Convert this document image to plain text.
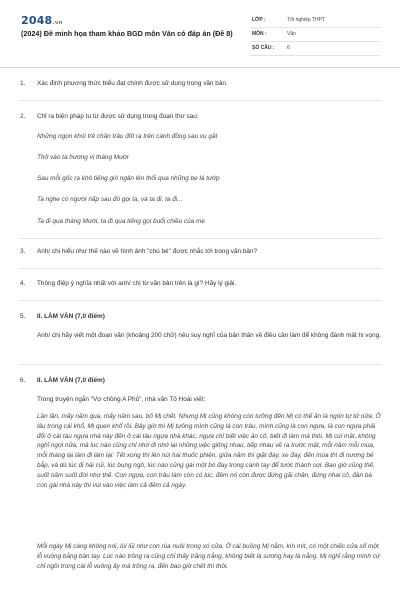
2048.vn
(2024) Đề minh họa tham khảo BGD môn Văn có đáp án (Đề 8)
LỚP :	Tốt nghiệp THPT
MÔN :	Văn
SỐ CÂU :	6
1.	Xác định phương thức biểu đạt chính được sử dụng trong văn bản.
2.	Chỉ ra biện pháp tu từ được sử dụng trong đoạn thơ sau:
Những ngọn khói trẻ chăn trâu đốt rạ trên cánh đồng sau vụ gặt
Thở vào ta hương vị tháng Mười
Sau mỗi gốc rạ khô tiếng gió ngân lên thổi qua những bẹ lá tướp
Ta nghe có người nấp sau đó gọi ta, và ta đi, ta đi...
Ta đi qua tháng Mười, ta đi qua tiếng gọi buổi chiều của mẹ
3.	Anh/ chị hiểu như thế nào về hình ảnh "chú bé" được nhắc tới trong văn bản?
4.	Thông điệp ý nghĩa nhất với anh/ chị từ văn bản trên là gì? Hãy lý giải.
5.	II. LÀM VĂN (7,0 điểm)
Anh/ chị hãy viết một đoạn văn (khoảng 200 chữ) nêu suy nghĩ của bản thân về điều cần làm để không đánh mất hi vọng.
6.	II. LÀM VĂN (7,0 điểm)
Trong truyện ngắn "Vợ chồng A Phủ", nhà văn Tô Hoài viết:
Lần lần, mấy năm qua, mấy năm sau, bố Mị chết. Nhưng Mị cũng không còn tưởng đến Mị có thể ăn lá ngón tự tử nữa. Ở lâu trong cái khổ, Mị quen khổ rồi. Bây giờ thì Mị tưởng mình cũng là con trâu, mình cũng là con ngựa, là con ngựa phải đổi ở cái tàu ngựa nhà này đến ở cái tàu ngựa nhà khác, ngựa chỉ biết việc ăn cỏ, biết đi làm mà thôi. Mị cúi mặt, không nghĩ ngợi nữa, mà lúc nào cũng chỉ nhớ đi nhớ lại những việc giống nhau, tiếp nhau vẽ ra trước mặt, mỗi năm mỗi mùa, mỗi tháng lại làm đi làm lại: Tết xong thì lên núi hái thuốc phiện, giữa năm thì giặt đay, xe đay, đến mùa thì đi nương bẻ bắp, và dù lúc đi hái củi, lúc bung ngô, lúc nào cũng gài một bó đay trong cánh tay để tước thành sợi. Bao giờ cũng thế, suốt năm suốt đời như thế. Con ngựa, con trâu làm còn có lúc, đêm nó còn được đứng gãi chân, đứng nhai cỏ, đàn bà con gái nhà này thì vùi vào việc làm cả đêm cả ngày.
Mỗi ngày Mị càng không nói, lùi lũi như con rùa nuôi trong xó cửa. Ở cái buồng Mị nằm, kín mít, có một chiếc cửa sổ một lỗ vuông bằng bàn tay. Lúc nào trông ra cũng chỉ thấy trăng trắng, không biết là sương hay là nắng. Mị nghĩ rằng mình cứ chỉ ngồi trong cái lỗ vuông ấy mà trông ra, đến bao giờ chết thì thôi.
